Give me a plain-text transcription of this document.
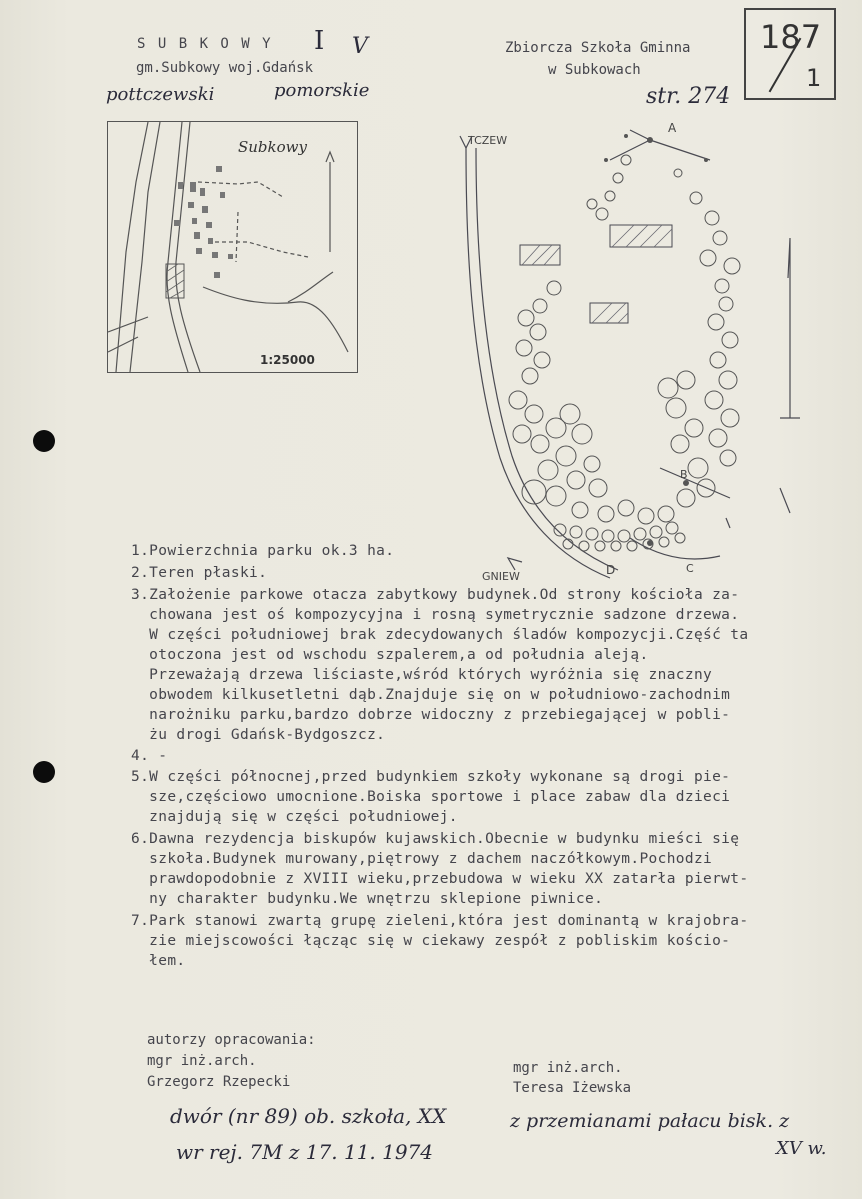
S U B K O W Y I V
gm.Subkowy woj.Gdańsk
pottczewski	pomorskie
Zbiorcza Szkoła Gminna
w Subkowach
str. 274
187
1
Subkowy
1:25000
TCZEW
GNIEW
A
B
C
D
1.Powierzchnia parku ok.3 ha.
2.Teren płaski.
3.Założenie parkowe otacza zabytkowy budynek.Od strony kościoła za-
chowana jest oś kompozycyjna i rosną symetrycznie sadzone drzewa.
W części południowej brak zdecydowanych śladów kompozycji.Część ta
otoczona jest od wschodu szpalerem,a od południa aleją.
Przeważają drzewa liściaste,wśród których wyróżnia się znaczny
obwodem kilkusetletni dąb.Znajduje się on w południowo-zachodnim
narożniku parku,bardzo dobrze widoczny z przebiegającej w pobli-
żu drogi Gdańsk-Bydgoszcz.
4. -
5.W części północnej,przed budynkiem szkoły wykonane są drogi pie-
sze,częściowo umocnione.Boiska sportowe i place zabaw dla dzieci
znajdują się w części południowej.
6.Dawna rezydencja biskupów kujawskich.Obecnie w budynku mieści się
szkoła.Budynek murowany,piętrowy z dachem naczółkowym.Pochodzi
prawdopodobnie z XVIII wieku,przebudowa w wieku XX zatarła pierwt-
ny charakter budynku.We wnętrzu sklepione piwnice.
7.Park stanowi zwartą grupę zieleni,która jest dominantą w krajobra-
zie miejscowości łącząc się w ciekawy zespół z pobliskim kościo-
łem.
autorzy opracowania:
mgr inż.arch.
Grzegorz Rzepecki
mgr inż.arch.
Teresa Iżewska
dwór (nr 89) ob. szkoła, XX	z przemianami pałacu bisk. z
wr rej. 7M z 17. 11. 1974	XV w.
